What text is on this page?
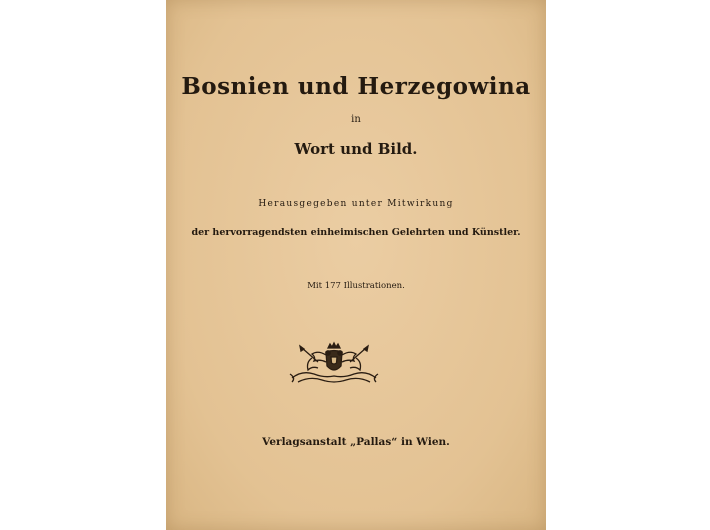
Bosnien und Herzegowina
in
Wort und Bild.
Herausgegeben unter Mitwirkung
der hervorragendsten einheimischen Gelehrten und Künstler.
Mit 177 Illustrationen.
Verlagsanstalt „Pallas“ in Wien.
